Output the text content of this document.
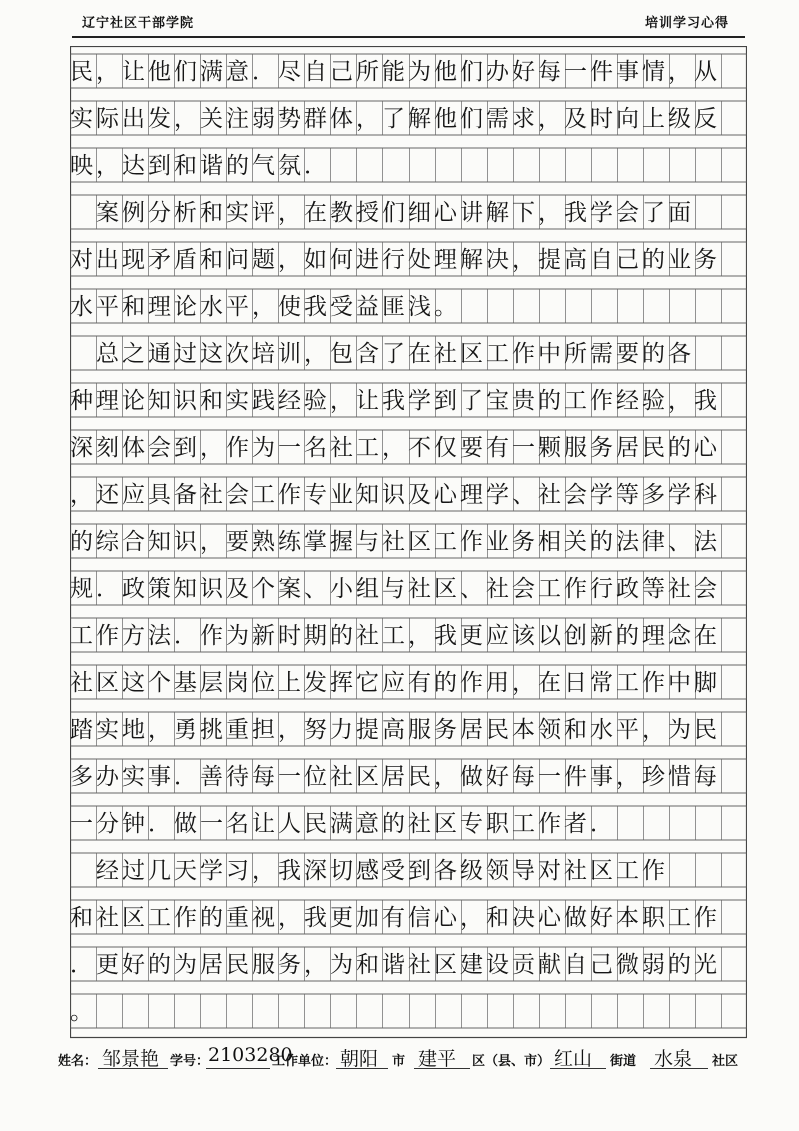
辽宁社区干部学院	培训学习心得
民，让他们满意．尽自己所能为他们办好每一件事情，从
实际出发，关注弱势群体，了解他们需求，及时向上级反
映，达到和谐的气氛．
　案例分析和实评，在教授们细心讲解下，我学会了面
对出现矛盾和问题，如何进行处理解决，提高自己的业务
水平和理论水平，使我受益匪浅。
　总之通过这次培训，包含了在社区工作中所需要的各
种理论知识和实践经验，让我学到了宝贵的工作经验，我
深刻体会到，作为一名社工，不仅要有一颗服务居民的心
，还应具备社会工作专业知识及心理学、社会学等多学科
的综合知识，要熟练掌握与社区工作业务相关的法律、法
规．政策知识及个案、小组与社区、社会工作行政等社会
工作方法．作为新时期的社工，我更应该以创新的理念在
社区这个基层岗位上发挥它应有的作用，在日常工作中脚
踏实地，勇挑重担，努力提高服务居民本领和水平，为民
多办实事．善待每一位社区居民，做好每一件事，珍惜每
一分钟．做一名让人民满意的社区专职工作者．
　经过几天学习，我深切感受到各级领导对社区工作
和社区工作的重视，我更加有信心，和决心做好本职工作
．更好的为居民服务，为和谐社区建设贡献自己微弱的光
。
姓名： 邹景艳 学号：
2103280
工作单位： 朝阳 市 建平 区（县、市） 红山 街道 水泉 社区
